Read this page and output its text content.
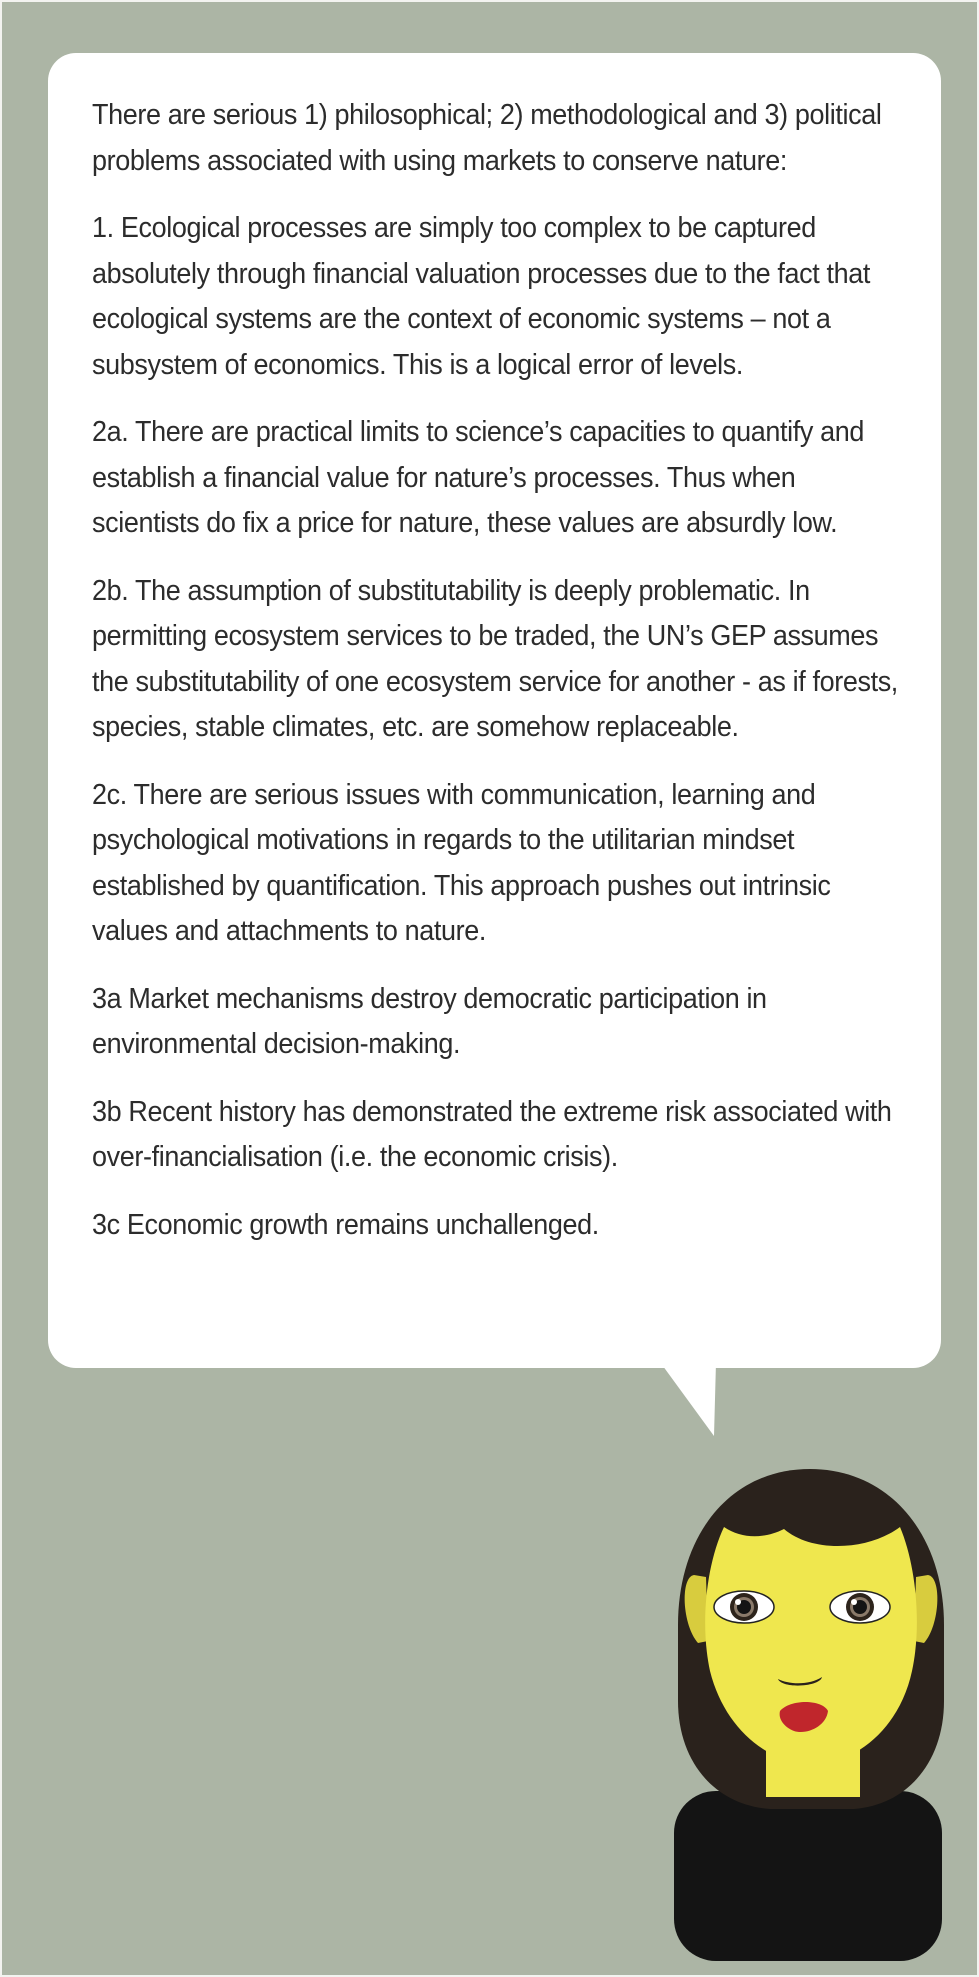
There are serious 1) philosophical; 2) methodological and 3) political problems associated with using markets to conserve nature:

1. Ecological processes are simply too complex to be captured absolutely through financial valuation processes due to the fact that ecological systems are the context of economic systems – not a subsystem of economics. This is a logical error of levels.

2a. There are practical limits to science’s capacities to quantify and establish a financial value for nature’s processes. Thus when scientists do fix a price for nature, these values are absurdly low.

2b. The assumption of substitutability is deeply problematic. In permitting ecosystem services to be traded, the UN’s GEP assumes the substitutability of one ecosystem service for another - as if forests, species, stable climates, etc. are somehow replaceable.

2c. There are serious issues with communication, learning and psychological motivations in regards to the utilitarian mindset established by quantification. This approach pushes out intrinsic values and attachments to nature.

3a Market mechanisms destroy democratic participation in environmental decision-making.

3b Recent history has demonstrated the extreme risk associated with over-financialisation (i.e. the economic crisis).

3c Economic growth remains unchallenged.
